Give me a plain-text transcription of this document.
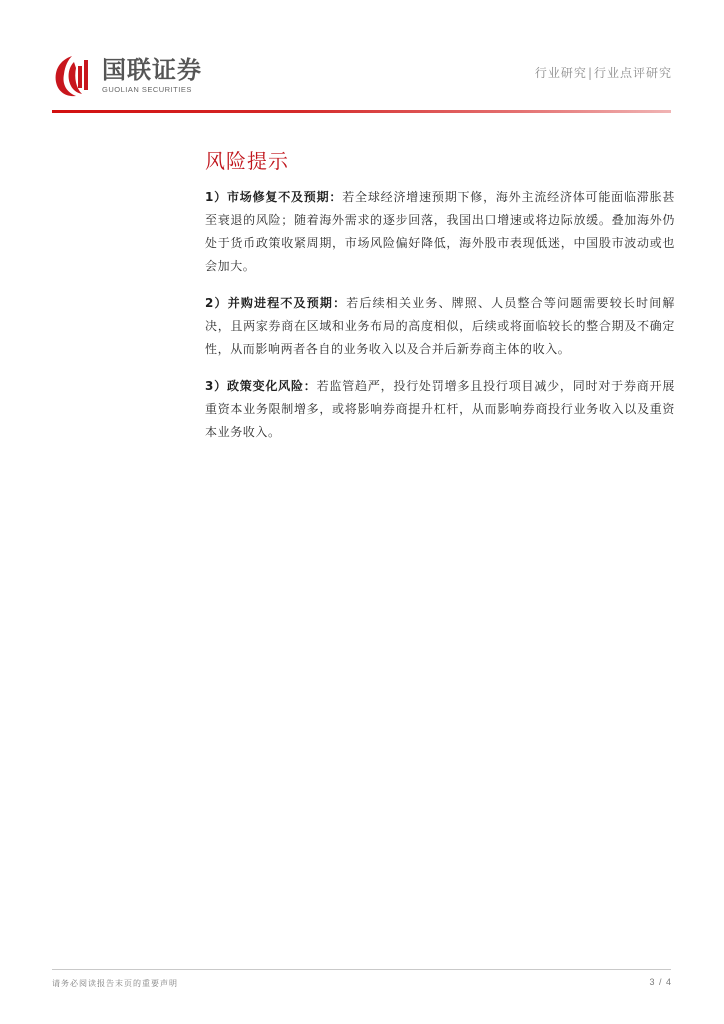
国联证券
GUOLIAN SECURITIES
行业研究|行业点评研究
风险提示

1）市场修复不及预期：若全球经济增速预期下修，海外主流经济体可能面临滞胀甚至衰退的风险；随着海外需求的逐步回落，我国出口增速或将边际放缓。叠加海外仍处于货币政策收紧周期，市场风险偏好降低，海外股市表现低迷，中国股市波动或也会加大。

2）并购进程不及预期：若后续相关业务、牌照、人员整合等问题需要较长时间解决，且两家券商在区域和业务布局的高度相似，后续或将面临较长的整合期及不确定性，从而影响两者各自的业务收入以及合并后新券商主体的收入。

3）政策变化风险：若监管趋严，投行处罚增多且投行项目减少，同时对于券商开展重资本业务限制增多，或将影响券商提升杠杆，从而影响券商投行业务收入以及重资本业务收入。

请务必阅读报告末页的重要声明	3 / 4
